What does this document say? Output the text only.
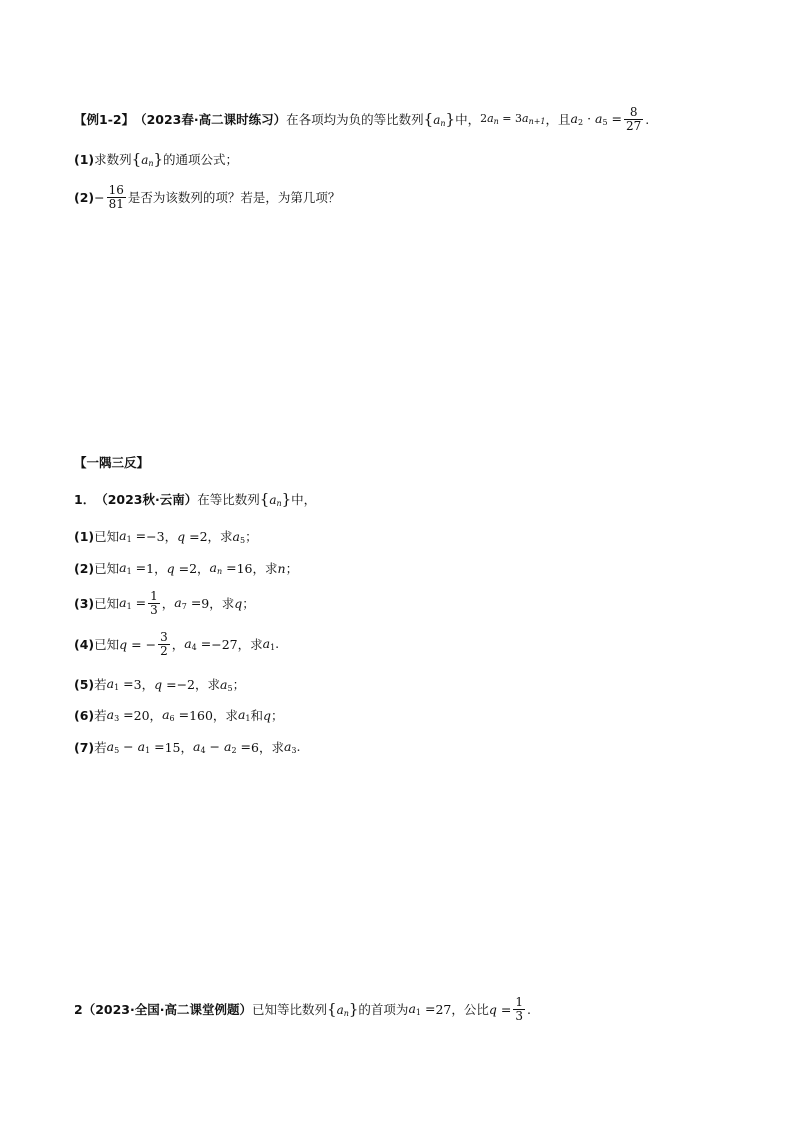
【例1-2】 （2023春·高二课时练习） 在各项均为负的等比数列 $\{a_n\}$ 中， $2a_n = 3a_{n+1}$ ，且 $a_2 \cdot a_5 = \frac{8}{27}$ .
(1) 求数列 $\{a_n\}$ 的通项公式；
$(2) - \frac{16}{81}$ 是否为该数列的项？若是，为第几项？
【一隅三反】
1． （2023秋·云南） 在等比数列 $\{a_n\}$ 中，
(1) 已知 $a_1 = -3$ ， q = 2 ，求 $a_5$；
(2) 已知 $a_1 = 1$ ， q = 2 ， $a_n = 16$ ，求 n ；
(3) 已知 $a_1 = \frac{1}{3}$ ， $a_7 = 9$ ，求 q ；
(4) 已知 q = − $\frac{3}{2}$ ， $a_4 = -27$ ，求 $a_1$.
(5) 若 $a_1 = 3$ ， q = −2 ，求 $a_5$；
(6) 若 $a_3 = 20$ ， $a_6 = 160$ ，求 $a_1$ 和 q ；
(7) 若 $a_5 - a_1 = 15$ ， $a_4 - a_2 = 6$ ，求 $a_3$.
2 （2023·全国·高二课堂例题） 已知等比数列 $\{a_n\}$ 的首项为 $a_1 = 27$ ，公比 $q = \frac{1}{3}$ .
